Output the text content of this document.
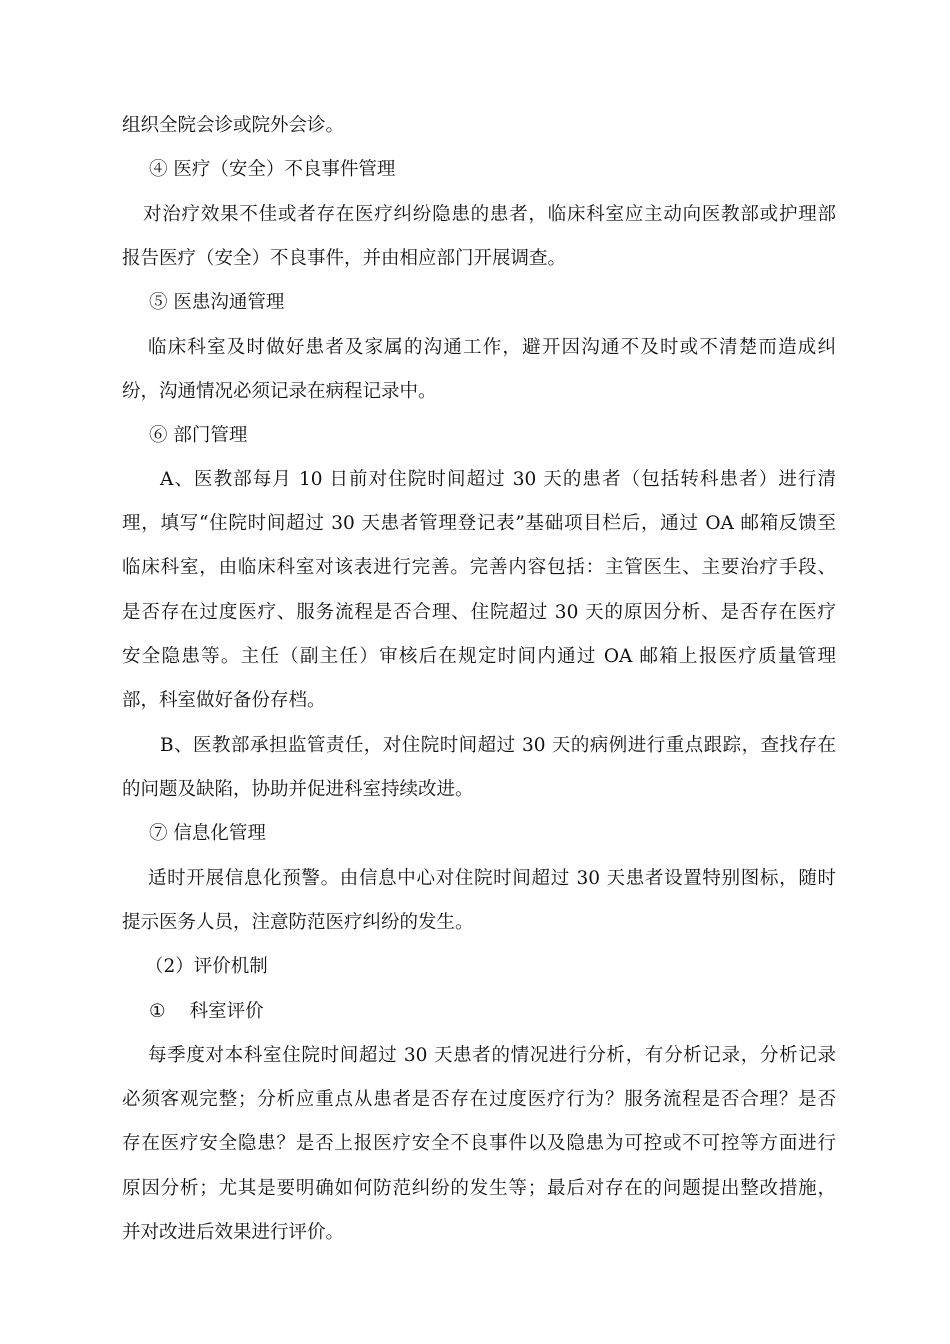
组织全院会诊或院外会诊。
④ 医疗（安全）不良事件管理
对治疗效果不佳或者存在医疗纠纷隐患的患者，临床科室应主动向医教部或护理部
报告医疗（安全）不良事件，并由相应部门开展调查。
⑤ 医患沟通管理
临床科室及时做好患者及家属的沟通工作，避开因沟通不及时或不清楚而造成纠
纷，沟通情况必须记录在病程记录中。
⑥ 部门管理
A、医教部每月 10 日前对住院时间超过 30 天的患者（包括转科患者）进行清
理，填写“住院时间超过 30 天患者管理登记表”基础项目栏后，通过 OA 邮箱反馈至
临床科室，由临床科室对该表进行完善。完善内容包括：主管医生、主要治疗手段、
是否存在过度医疗、服务流程是否合理、住院超过 30 天的原因分析、是否存在医疗
安全隐患等。主任（副主任）审核后在规定时间内通过 OA 邮箱上报医疗质量管理
部，科室做好备份存档。
B、医教部承担监管责任，对住院时间超过 30 天的病例进行重点跟踪，查找存在
的问题及缺陷，协助并促进科室持续改进。
⑦ 信息化管理
适时开展信息化预警。由信息中心对住院时间超过 30 天患者设置特别图标，随时
提示医务人员，注意防范医疗纠纷的发生。
（2）评价机制
① 科室评价
每季度对本科室住院时间超过 30 天患者的情况进行分析，有分析记录，分析记录
必须客观完整；分析应重点从患者是否存在过度医疗行为？服务流程是否合理？是否
存在医疗安全隐患？是否上报医疗安全不良事件以及隐患为可控或不可控等方面进行
原因分析；尤其是要明确如何防范纠纷的发生等；最后对存在的问题提出整改措施，
并对改进后效果进行评价。
